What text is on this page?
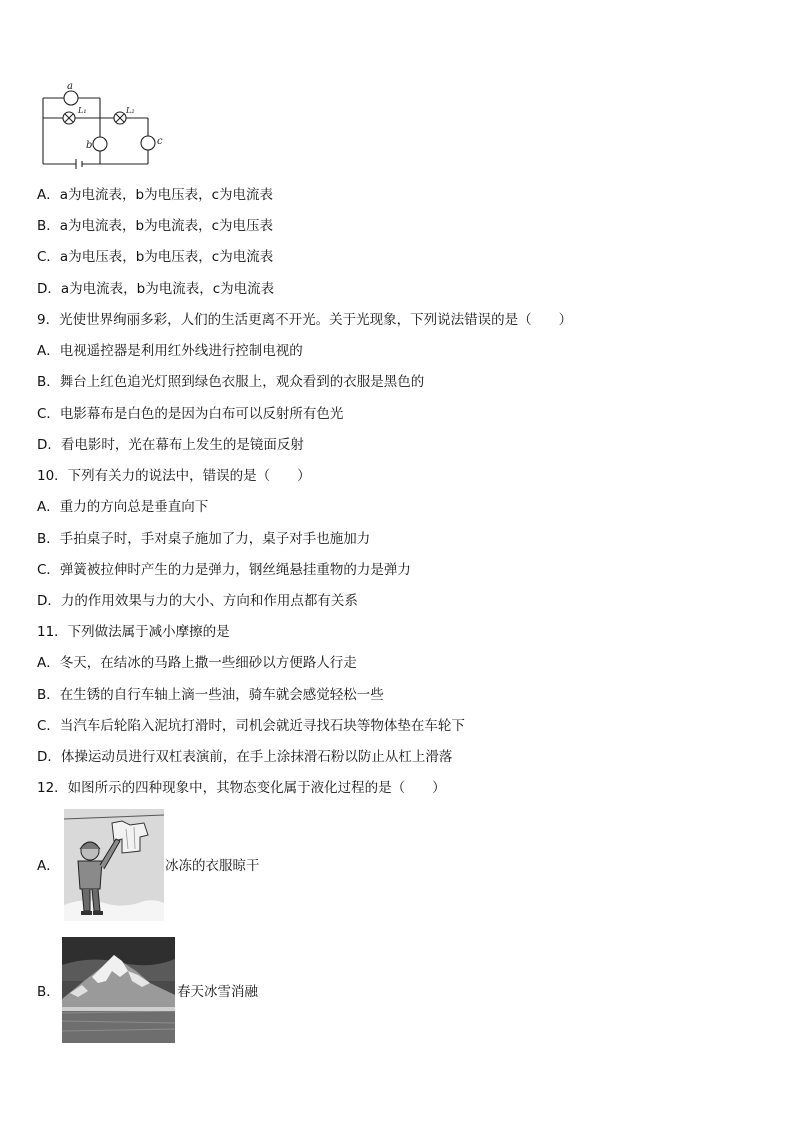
a
b	c
L₁	L₂
A．a为电流表，b为电压表，c为电流表
B．a为电流表，b为电流表，c为电压表
C．a为电压表，b为电压表，c为电流表
D．a为电流表，b为电流表，c为电流表
9．光使世界绚丽多彩，人们的生活更离不开光。关于光现象，下列说法错误的是（　　）
A．电视遥控器是利用红外线进行控制电视的
B．舞台上红色追光灯照到绿色衣服上，观众看到的衣服是黑色的
C．电影幕布是白色的是因为白布可以反射所有色光
D．看电影时，光在幕布上发生的是镜面反射
10．下列有关力的说法中，错误的是（　　）
A．重力的方向总是垂直向下
B．手拍桌子时，手对桌子施加了力，桌子对手也施加力
C．弹簧被拉伸时产生的力是弹力，钢丝绳悬挂重物的力是弹力
D．力的作用效果与力的大小、方向和作用点都有关系
11．下列做法属于减小摩擦的是
A．冬天，在结冰的马路上撒一些细砂以方便路人行走
B．在生锈的自行车轴上滴一些油，骑车就会感觉轻松一些
C．当汽车后轮陷入泥坑打滑时，司机会就近寻找石块等物体垫在车轮下
D．体操运动员进行双杠表演前，在手上涂抹滑石粉以防止从杠上滑落
12．如图所示的四种现象中，其物态变化属于液化过程的是（　　）
A．	冰冻的衣服晾干
B．	春天冰雪消融
